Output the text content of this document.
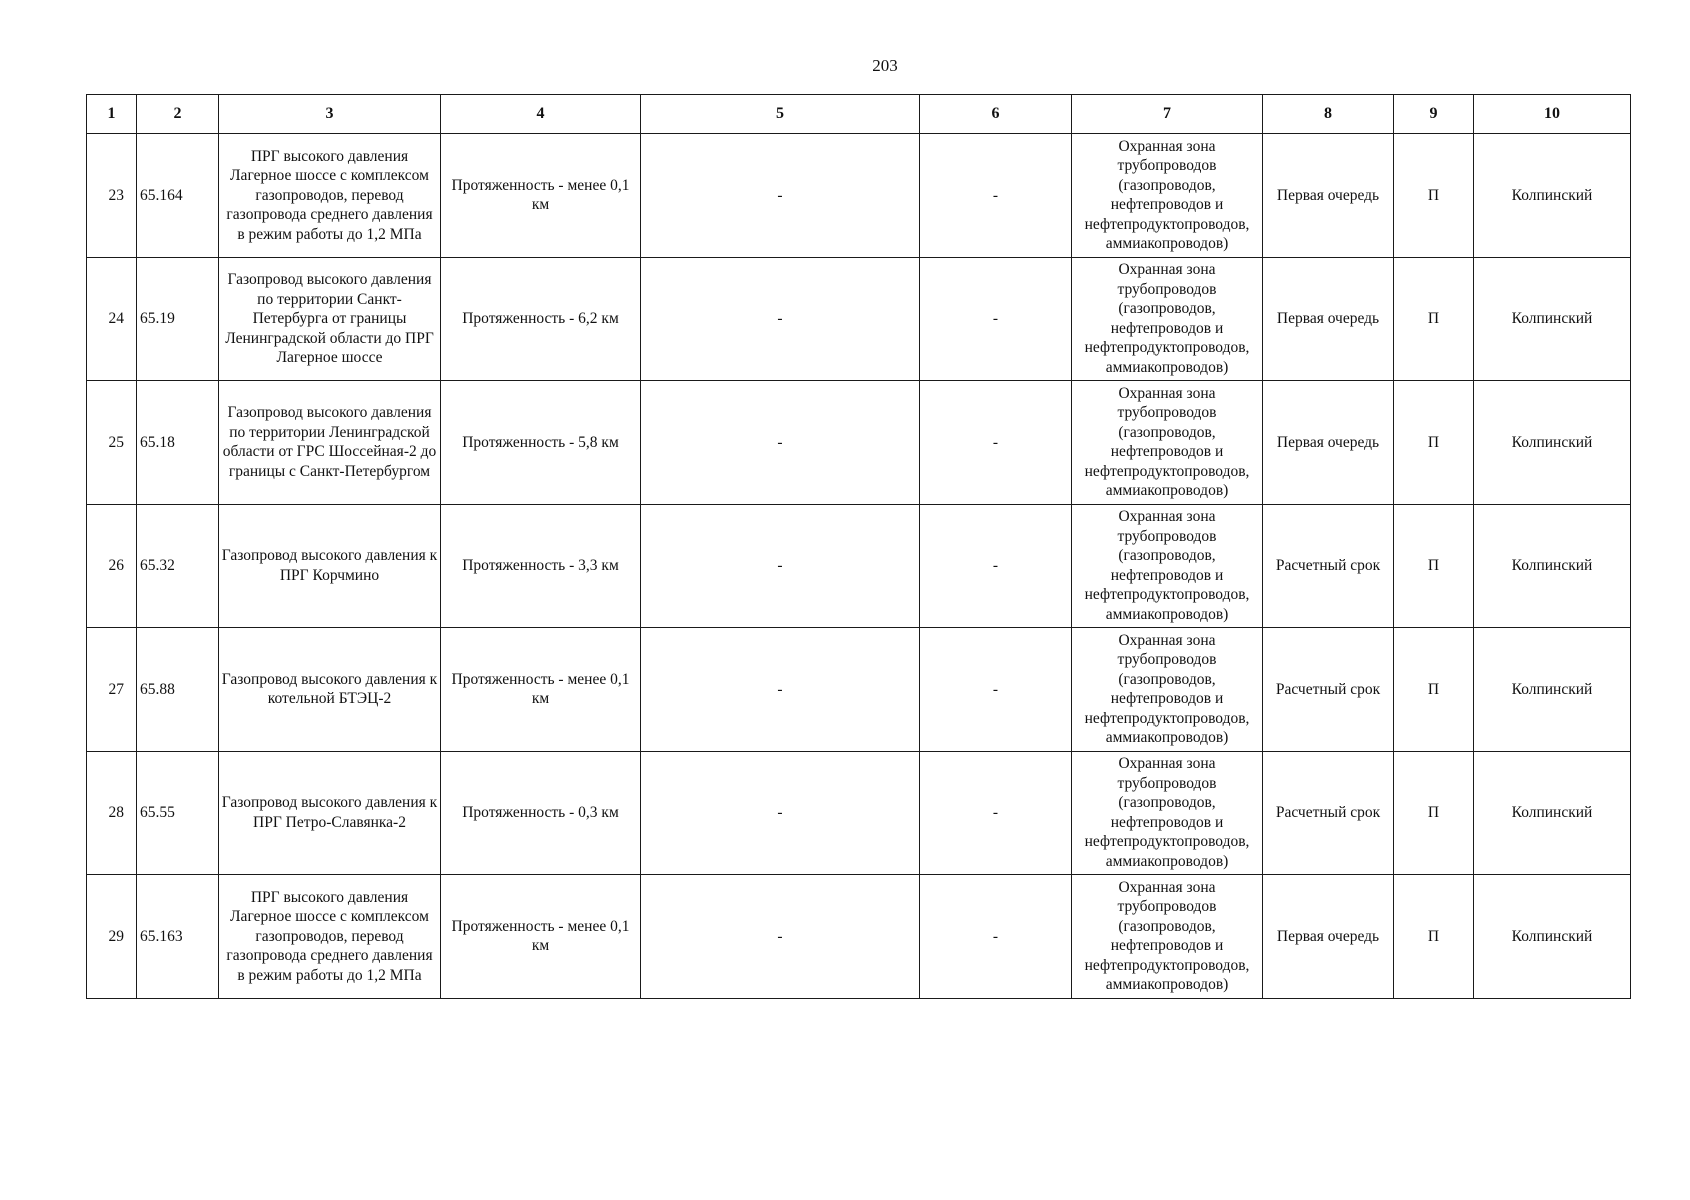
203
1	2	3	4	5	6	7	8	9	10
23	65.164	ПРГ высокого давления Лагерное шоссе с комплексом газопроводов, перевод газопровода среднего давления в режим работы до 1,2 МПа	Протяженность - менее 0,1 км	-	-	Охранная зона трубопроводов (газопроводов, нефтепроводов и нефтепродуктопроводов, аммиакопроводов)	Первая очередь	П	Колпинский
24	65.19	Газопровод высокого давления по территории Санкт-Петербурга от границы Ленинградской области до ПРГ Лагерное шоссе	Протяженность - 6,2 км	-	-	Охранная зона трубопроводов (газопроводов, нефтепроводов и нефтепродуктопроводов, аммиакопроводов)	Первая очередь	П	Колпинский
25	65.18	Газопровод высокого давления по территории Ленинградской области от ГРС Шоссейная-2 до границы с Санкт-Петербургом	Протяженность - 5,8 км	-	-	Охранная зона трубопроводов (газопроводов, нефтепроводов и нефтепродуктопроводов, аммиакопроводов)	Первая очередь	П	Колпинский
26	65.32	Газопровод высокого давления к ПРГ Корчмино	Протяженность - 3,3 км	-	-	Охранная зона трубопроводов (газопроводов, нефтепроводов и нефтепродуктопроводов, аммиакопроводов)	Расчетный срок	П	Колпинский
27	65.88	Газопровод высокого давления к котельной БТЭЦ-2	Протяженность - менее 0,1 км	-	-	Охранная зона трубопроводов (газопроводов, нефтепроводов и нефтепродуктопроводов, аммиакопроводов)	Расчетный срок	П	Колпинский
28	65.55	Газопровод высокого давления к ПРГ Петро-Славянка-2	Протяженность - 0,3 км	-	-	Охранная зона трубопроводов (газопроводов, нефтепроводов и нефтепродуктопроводов, аммиакопроводов)	Расчетный срок	П	Колпинский
29	65.163	ПРГ высокого давления Лагерное шоссе с комплексом газопроводов, перевод газопровода среднего давления в режим работы до 1,2 МПа	Протяженность - менее 0,1 км	-	-	Охранная зона трубопроводов (газопроводов, нефтепроводов и нефтепродуктопроводов, аммиакопроводов)	Первая очередь	П	Колпинский
